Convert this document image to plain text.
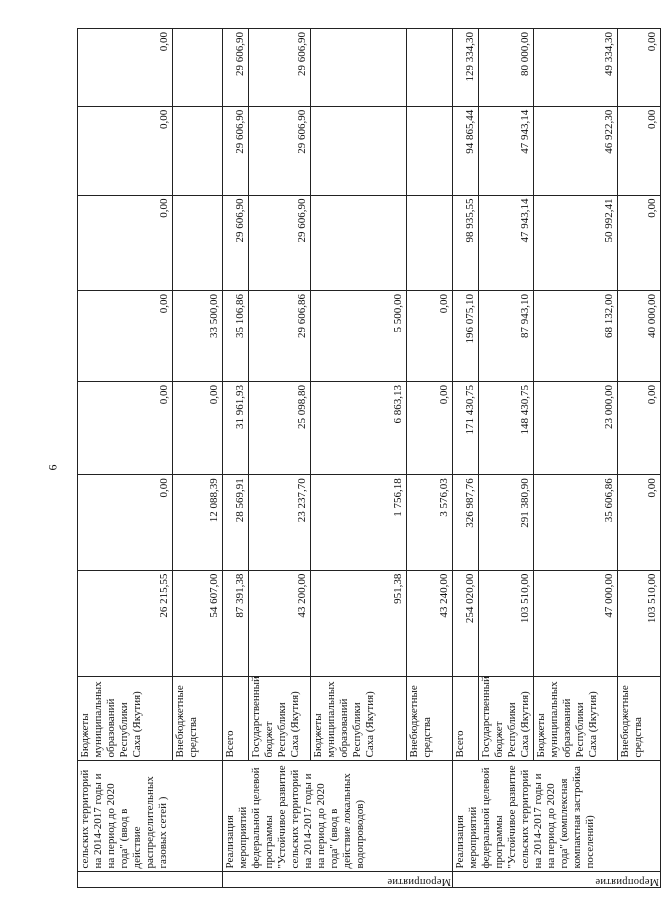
6
	сельских территорий на 2014-2017 годы и на период до 2020 года" (ввод в действие распределительных газовых сетей )	Бюджеты муниципальных образований Республики Саха (Якутия)	26 215,55	0,00	0,00	0,00	0,00	0,00	0,00
		Внебюджетные средства	54 607,00	12 088,39	0,00	33 500,00			
Мероприятие	Реализация мероприятий федеральной целевой программы "Устойчивое развитие сельских территорий на 2014-2017 годы и на период до 2020 года" (ввод в действие локальных водопроводов)	Всего	87 391,38	28 569,91	31 961,93	35 106,86	29 606,90	29 606,90	29 606,90
		Государственный бюджет Республики Саха (Якутия)	43 200,00	23 237,70	25 098,80	29 606,86	29 606,90	29 606,90	29 606,90
		Бюджеты муниципальных образований Республики Саха (Якутия)	951,38	1 756,18	6 863,13	5 500,00			
		Внебюджетные средства	43 240,00	3 576,03	0,00	0,00			
Мероприятие	Реализация мероприятий федеральной целевой программы "Устойчивое развитие сельских территорий на 2014-2017 годы и на период до 2020 года" (комплексная компактная застройка поселений)	Всего	254 020,00	326 987,76	171 430,75	196 075,10	98 935,55	94 865,44	129 334,30
		Государственный бюджет Республики Саха (Якутия)	103 510,00	291 380,90	148 430,75	87 943,10	47 943,14	47 943,14	80 000,00
		Бюджеты муниципальных образований Республики Саха (Якутия)	47 000,00	35 606,86	23 000,00	68 132,00	50 992,41	46 922,30	49 334,30
		Внебюджетные средства	103 510,00	0,00	0,00	40 000,00	0,00	0,00	0,00
